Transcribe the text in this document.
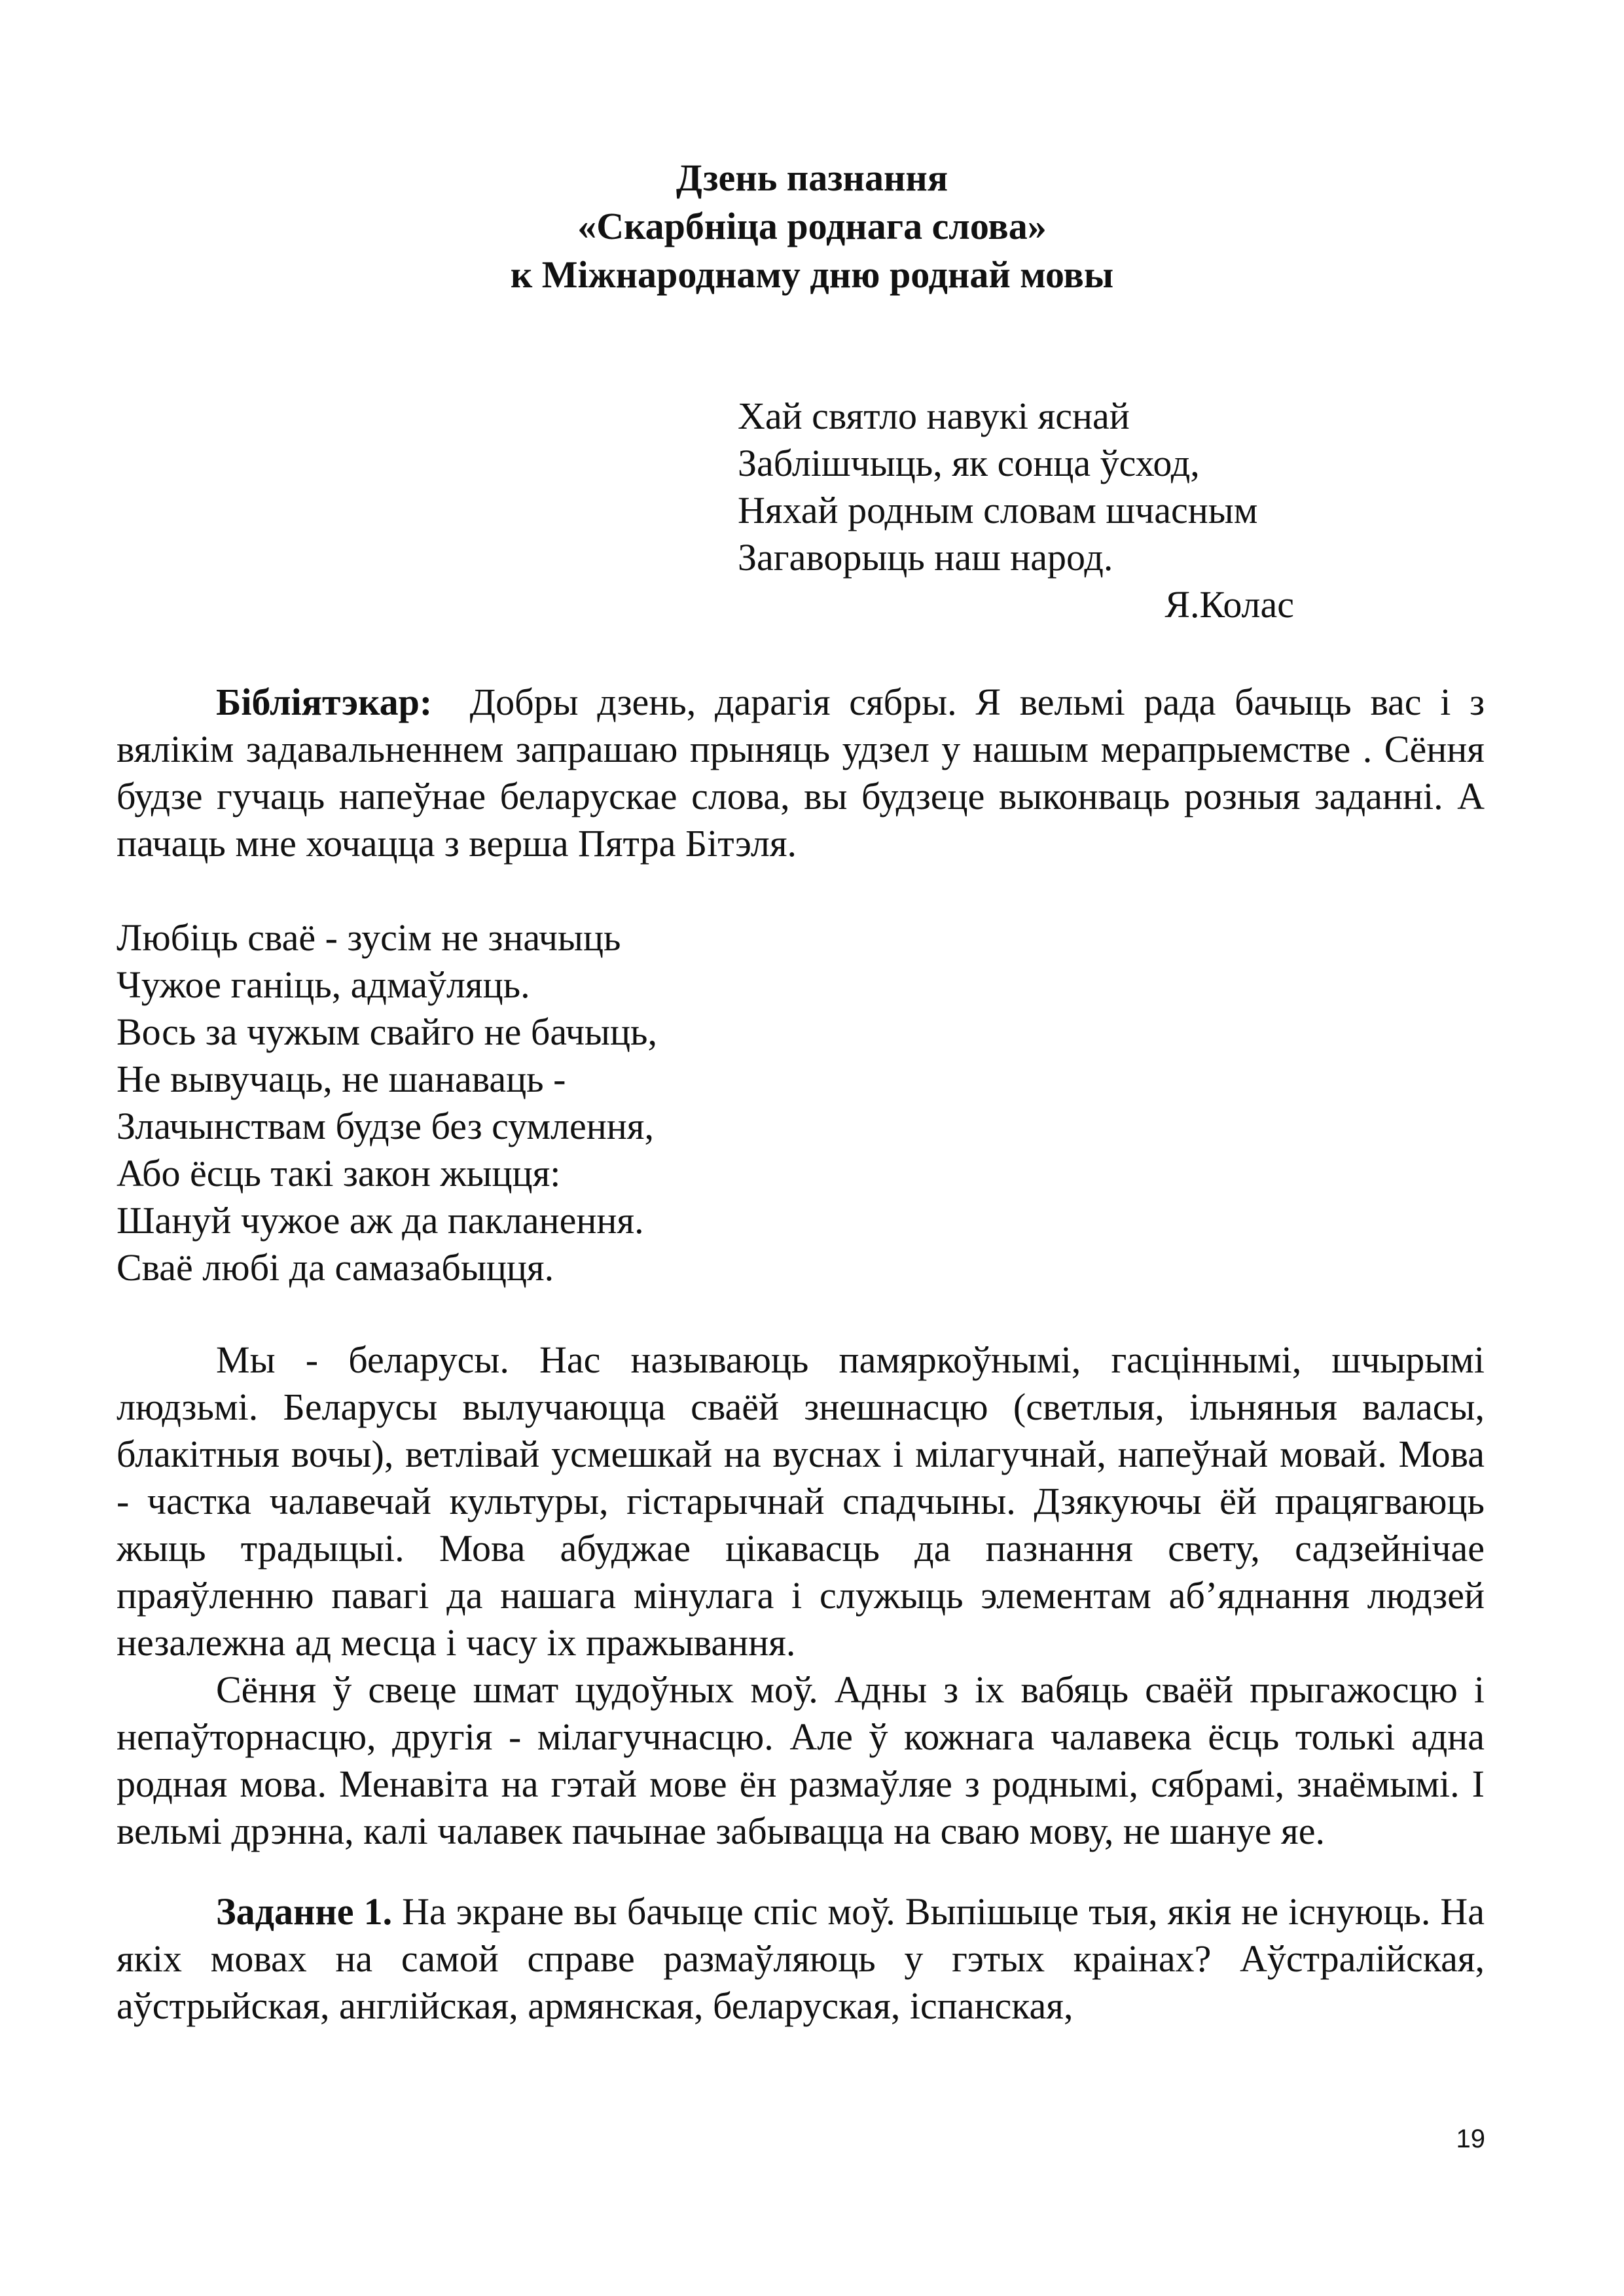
Дзень пазнання
«Скарбніца роднага слова»
к Міжнароднаму дню роднай мовы
Хай святло навукі яснай
Заблішчыць, як сонца ўсход,
Няхай родным словам шчасным
Загаворыць наш народ.
Я.Колас

Бібліятэкар: Добры дзень, дарагія сябры. Я вельмі рада бачыць вас і з вялікім задавальненнем запрашаю прыняць удзел у нашым мерапрыемстве . Сёння будзе гучаць напеўнае беларускае слова, вы будзеце выконваць розныя заданні. А пачаць мне хочацца з верша Пятра Бітэля.

Любіць сваё - зусім не значыць
Чужое ганіць, адмаўляць.
Вось за чужым свайго не бачыць,
Не вывучаць, не шанаваць -
Злачынствам будзе без сумлення,
Або ёсць такі закон жыцця:
Шануй чужое аж да пакланення.
Сваё любі да самазабыцця.

Мы - беларусы. Нас называюць памяркоўнымі, гасціннымі, шчырымі людзьмі. Беларусы вылучаюцца сваёй знешнасцю (светлыя, ільняныя валасы, блакітныя вочы), ветлівай усмешкай на вуснах і мілагучнай, напеўнай мовай. Мова - частка чалавечай культуры, гістарычнай спадчыны. Дзякуючы ёй працягваюць жыць традыцыі. Мова абуджае цікавасць да пазнання свету, садзейнічае праяўленню павагі да нашага мінулага і служыць элементам аб’яднання людзей незалежна ад месца і часу іх пражывання.

Сёння ў свеце шмат цудоўных моў. Адны з іх вабяць сваёй прыгажосцю і непаўторнасцю, другія - мілагучнасцю. Але ў кожнага чалавека ёсць толькі адна родная мова. Менавіта на гэтай мове ён размаўляе з роднымі, сябрамі, знаёмымі. І вельмі дрэнна, калі чалавек пачынае забывацца на сваю мову, не шануе яе.

Заданне 1. На экране вы бачыце спіс моў. Выпішыце тыя, якія не існуюць. На якіх мовах на самой справе размаўляюць у гэтых краінах? Аўстралійская, аўстрыйская, англійская, армянская, беларуская, іспанская,

19
